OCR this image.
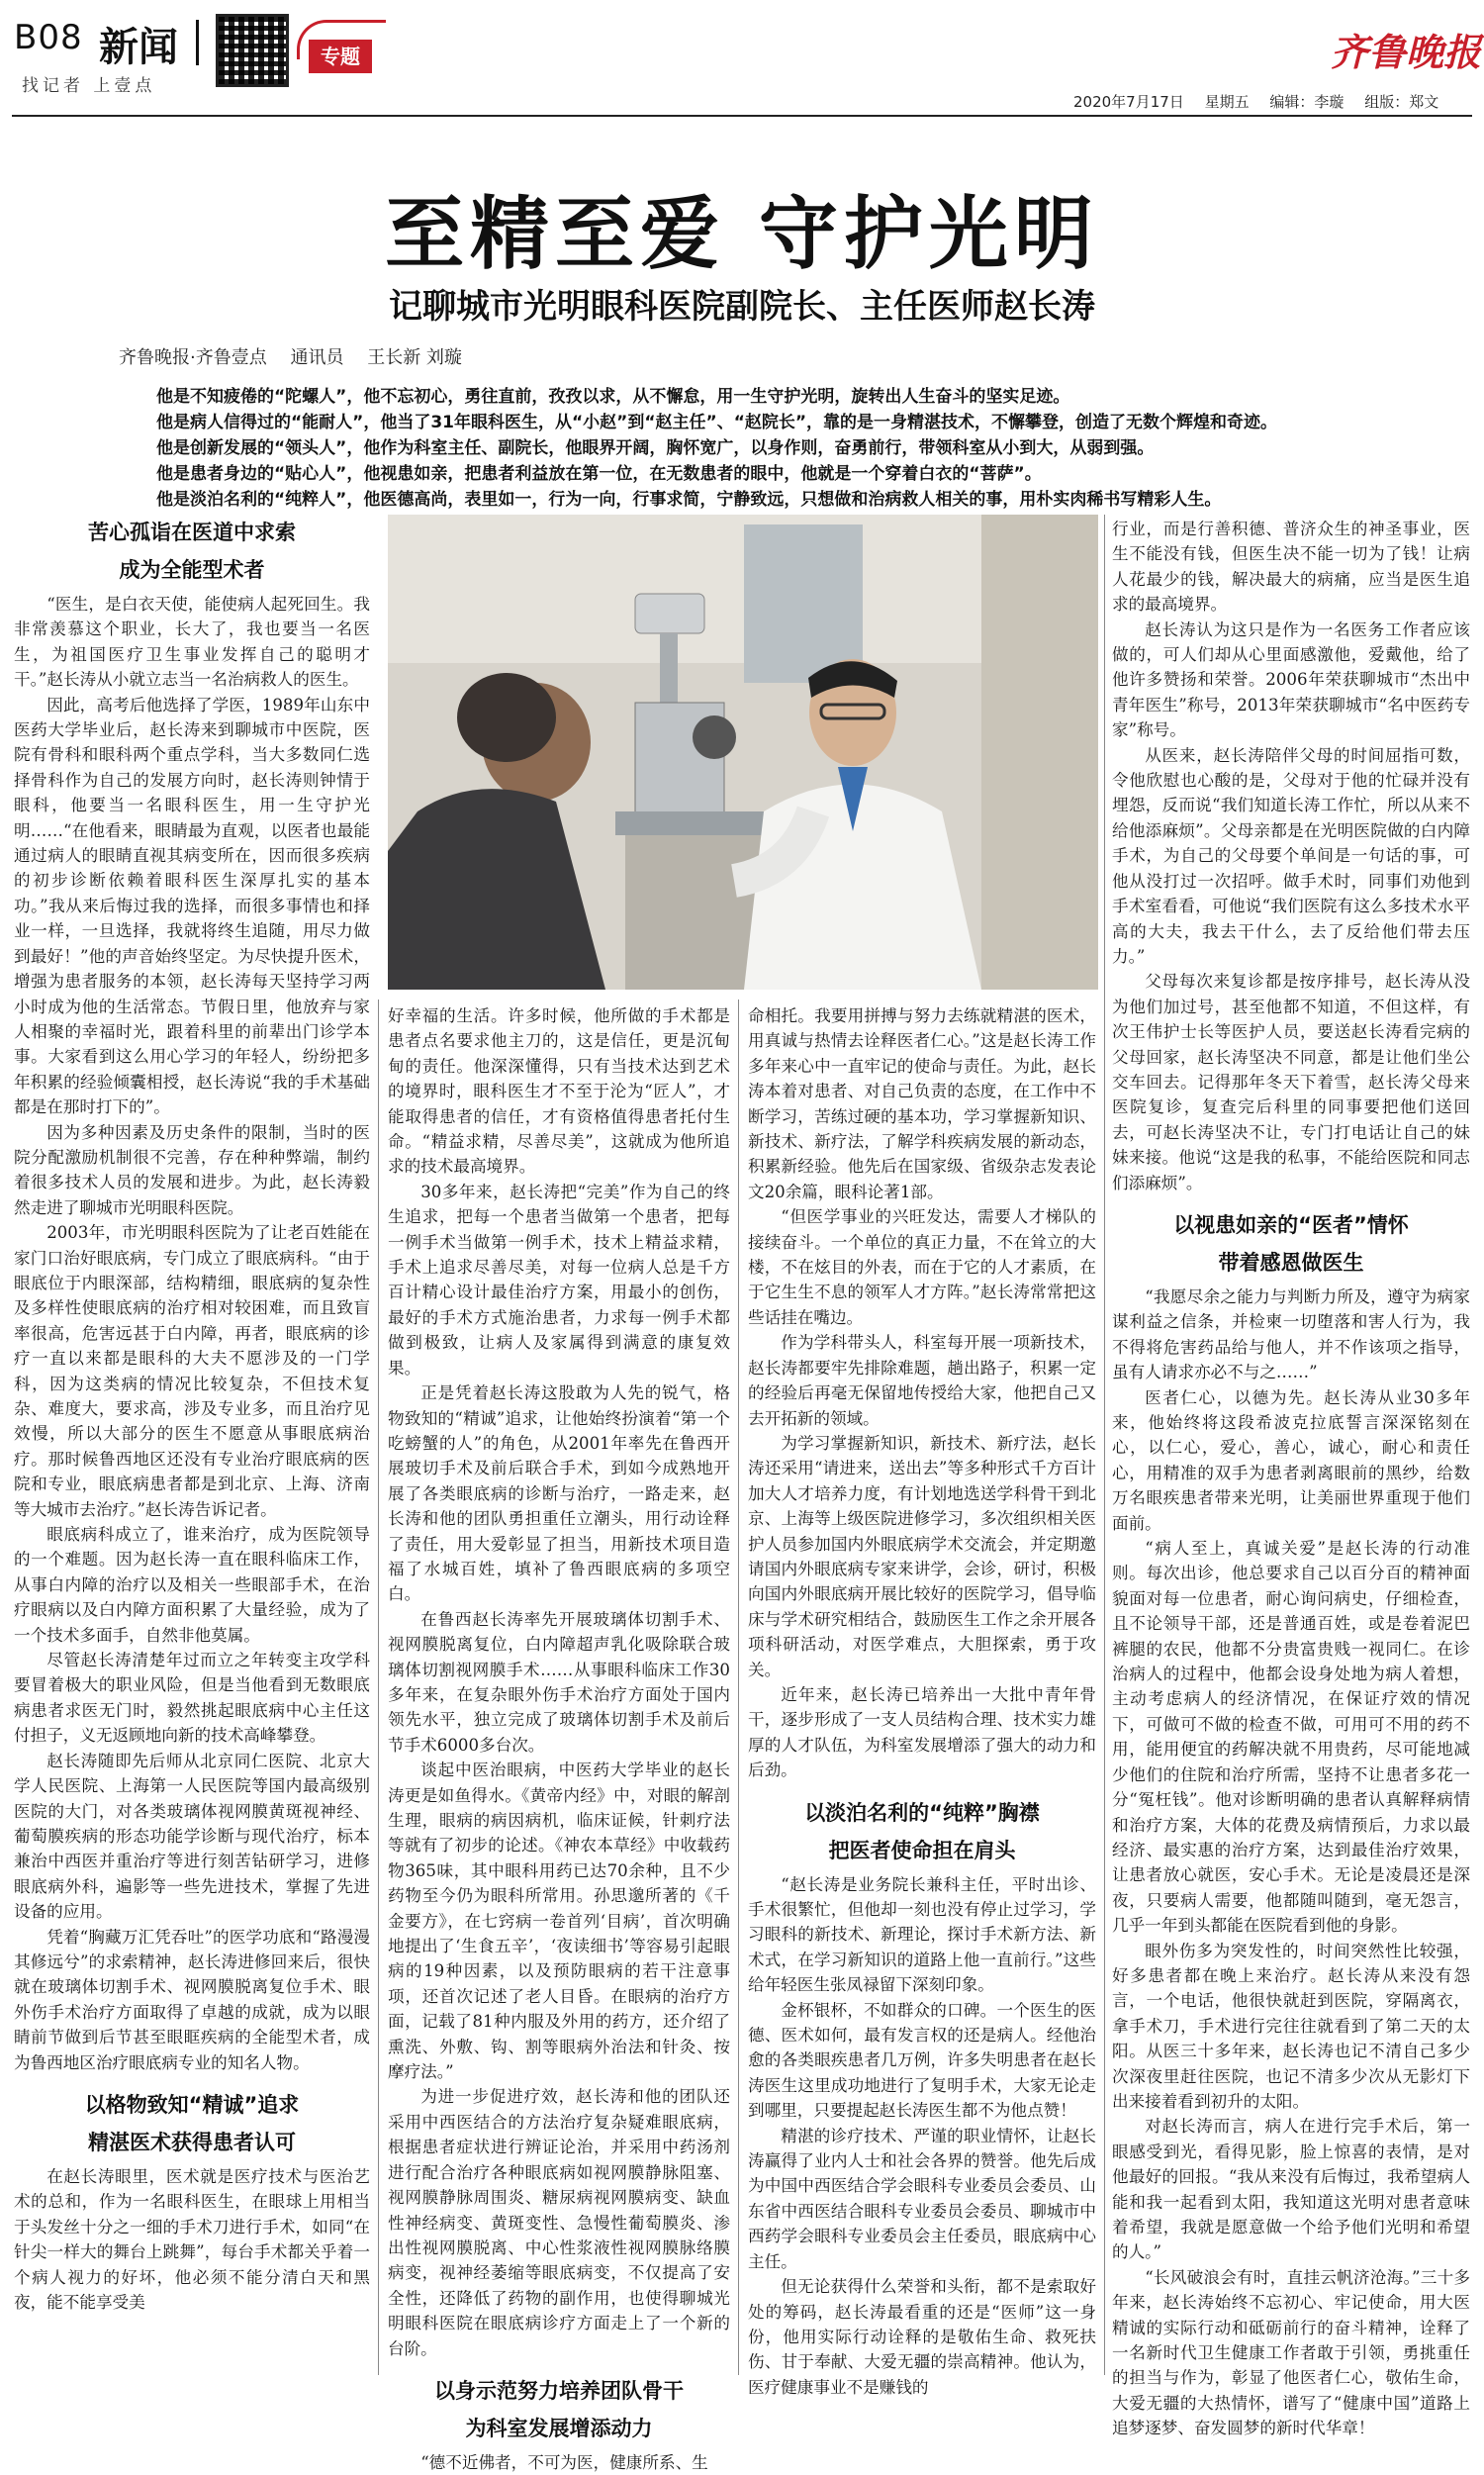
B08 新闻
找记者 上壹点
专题	齐鲁晚报
2020年7月17日 星期五 编辑：李璇 组版：郑文
至精至爱 守护光明
记聊城市光明眼科医院副院长、主任医师赵长涛
齐鲁晚报·齐鲁壹点 通讯员 王长新 刘璇
他是不知疲倦的“陀螺人”，他不忘初心，勇往直前，孜孜以求，从不懈怠，用一生守护光明，旋转出人生奋斗的坚实足迹。
他是病人信得过的“能耐人”，他当了31年眼科医生，从“小赵”到“赵主任”、“赵院长”，靠的是一身精湛技术，不懈攀登，创造了无数个辉煌和奇迹。
他是创新发展的“领头人”，他作为科室主任、副院长，他眼界开阔，胸怀宽广，以身作则，奋勇前行，带领科室从小到大，从弱到强。
他是患者身边的“贴心人”，他视患如亲，把患者利益放在第一位，在无数患者的眼中，他就是一个穿着白衣的“菩萨”。
他是淡泊名利的“纯粹人”，他医德高尚，表里如一，行为一向，行事求简，宁静致远，只想做和治病救人相关的事，用朴实肉稀书写精彩人生。
苦心孤诣在医道中求索
成为全能型术者

“医生，是白衣天使，能使病人起死回生。我非常羡慕这个职业，长大了，我也要当一名医生，为祖国医疗卫生事业发挥自己的聪明才干。”赵长涛从小就立志当一名治病救人的医生。

因此，高考后他选择了学医，1989年山东中医药大学毕业后，赵长涛来到聊城市中医院，医院有骨科和眼科两个重点学科，当大多数同仁选择骨科作为自己的发展方向时，赵长涛则钟情于眼科，他要当一名眼科医生，用一生守护光明……“在他看来，眼睛最为直观，以医者也最能通过病人的眼睛直视其病变所在，因而很多疾病的初步诊断依赖着眼科医生深厚扎实的基本功。”我从来后悔过我的选择，而很多事情也和择业一样，一旦选择，我就将终生追随，用尽力做到最好！”他的声音始终坚定。为尽快提升医术，增强为患者服务的本领，赵长涛每天坚持学习两小时成为他的生活常态。节假日里，他放弃与家人相聚的幸福时光，跟着科里的前辈出门诊学本事。大家看到这么用心学习的年轻人，纷纷把多年积累的经验倾囊相授，赵长涛说“我的手术基础都是在那时打下的”。

因为多种因素及历史条件的限制，当时的医院分配激励机制很不完善，存在种种弊端，制约着很多技术人员的发展和进步。为此，赵长涛毅然走进了聊城市光明眼科医院。

2003年，市光明眼科医院为了让老百姓能在家门口治好眼底病，专门成立了眼底病科。“由于眼底位于内眼深部，结构精细，眼底病的复杂性及多样性使眼底病的治疗相对较困难，而且致盲率很高，危害远甚于白内障，再者，眼底病的诊疗一直以来都是眼科的大夫不愿涉及的一门学科，因为这类病的情况比较复杂，不但技术复杂、难度大，要求高，涉及专业多，而且治疗见效慢，所以大部分的医生不愿意从事眼底病治疗。那时候鲁西地区还没有专业治疗眼底病的医院和专业，眼底病患者都是到北京、上海、济南等大城市去治疗。”赵长涛告诉记者。

眼底病科成立了，谁来治疗，成为医院领导的一个难题。因为赵长涛一直在眼科临床工作，从事白内障的治疗以及相关一些眼部手术，在治疗眼病以及白内障方面积累了大量经验，成为了一个技术多面手，自然非他莫属。

尽管赵长涛清楚年过而立之年转变主攻学科要冒着极大的职业风险，但是当他看到无数眼底病患者求医无门时，毅然挑起眼底病中心主任这付担子，义无返顾地向新的技术高峰攀登。

赵长涛随即先后师从北京同仁医院、北京大学人民医院、上海第一人民医院等国内最高级别医院的大门，对各类玻璃体视网膜黄斑视神经、葡萄膜疾病的形态功能学诊断与现代治疗，标本兼治中西医并重治疗等进行刻苦钻研学习，进修眼底病外科，遍影等一些先进技术，掌握了先进设备的应用。

凭着“胸藏万汇凭吞吐”的医学功底和“路漫漫其修远兮”的求索精神，赵长涛进修回来后，很快就在玻璃体切割手术、视网膜脱离复位手术、眼外伤手术治疗方面取得了卓越的成就，成为以眼睛前节做到后节甚至眼眶疾病的全能型术者，成为鲁西地区治疗眼底病专业的知名人物。

以格物致知“精诚”追求
精湛医术获得患者认可

在赵长涛眼里，医术就是医疗技术与医治艺术的总和，作为一名眼科医生，在眼球上用相当于头发丝十分之一细的手术刀进行手术，如同“在针尖一样大的舞台上跳舞”，每台手术都关乎着一个病人视力的好坏，他必须不能分清白天和黑夜，能不能享受美

好幸福的生活。许多时候，他所做的手术都是患者点名要求他主刀的，这是信任，更是沉甸甸的责任。他深深懂得，只有当技术达到艺术的境界时，眼科医生才不至于沦为“匠人”，才能取得患者的信任，才有资格值得患者托付生命。“精益求精，尽善尽美”，这就成为他所追求的技术最高境界。

30多年来，赵长涛把“完美”作为自己的终生追求，把每一个患者当做第一个患者，把每一例手术当做第一例手术，技术上精益求精，手术上追求尽善尽美，对每一位病人总是千方百计精心设计最佳治疗方案，用最小的创伤，最好的手术方式施治患者，力求每一例手术都做到极致，让病人及家属得到满意的康复效果。

正是凭着赵长涛这股敢为人先的锐气，格物致知的“精诚”追求，让他始终扮演着“第一个吃螃蟹的人”的角色，从2001年率先在鲁西开展玻切手术及前后联合手术，到如今成熟地开展了各类眼底病的诊断与治疗，一路走来，赵长涛和他的团队勇担重任立潮头，用行动诠释了责任，用大爱彰显了担当，用新技术项目造福了水城百姓，填补了鲁西眼底病的多项空白。

在鲁西赵长涛率先开展玻璃体切割手术、视网膜脱离复位，白内障超声乳化吸除联合玻璃体切割视网膜手术……从事眼科临床工作30多年来，在复杂眼外伤手术治疗方面处于国内领先水平，独立完成了玻璃体切割手术及前后节手术6000多台次。

谈起中医治眼病，中医药大学毕业的赵长涛更是如鱼得水。《黄帝内经》中，对眼的解剖生理，眼病的病因病机，临床证候，针刺疗法等就有了初步的论述。《神农本草经》中收载药物365味，其中眼科用药已达70余种，且不少药物至今仍为眼科所常用。孙思邈所著的《千金要方》，在七窍病一卷首列‘目病’，首次明确地提出了‘生食五辛’，‘夜读细书’等容易引起眼病的19种因素，以及预防眼病的若干注意事项，还首次记述了老人目昏。在眼病的治疗方面，记载了81种内服及外用的药方，还介绍了熏洗、外敷、钩、割等眼病外治法和针灸、按摩疗法。”

为进一步促进疗效，赵长涛和他的团队还采用中西医结合的方法治疗复杂疑难眼底病，根据患者症状进行辨证论治，并采用中药汤剂进行配合治疗各种眼底病如视网膜静脉阻塞、视网膜静脉周围炎、糖尿病视网膜病变、缺血性神经病变、黄斑变性、急慢性葡萄膜炎、渗出性视网膜脱离、中心性浆液性视网膜脉络膜病变，视神经萎缩等眼底病变，不仅提高了安全性，还降低了药物的副作用，也使得聊城光明眼科医院在眼底病诊疗方面走上了一个新的台阶。

以身示范努力培养团队骨干
为科室发展增添动力

“德不近佛者，不可为医，健康所系、生

命相托。我要用拼搏与努力去练就精湛的医术，用真诚与热情去诠释医者仁心。”这是赵长涛工作多年来心中一直牢记的使命与责任。为此，赵长涛本着对患者、对自己负责的态度，在工作中不断学习，苦练过硬的基本功，学习掌握新知识、新技术、新疗法，了解学科疾病发展的新动态，积累新经验。他先后在国家级、省级杂志发表论文20余篇，眼科论著1部。

“但医学事业的兴旺发达，需要人才梯队的接续奋斗。一个单位的真正力量，不在耸立的大楼，不在炫目的外表，而在于它的人才素质，在于它生生不息的领军人才方阵。”赵长涛常常把这些话挂在嘴边。

作为学科带头人，科室每开展一项新技术，赵长涛都要牢先排除难题，趟出路子，积累一定的经验后再毫无保留地传授给大家，他把自己又去开拓新的领域。

为学习掌握新知识，新技术、新疗法，赵长涛还采用“请进来，送出去”等多种形式千方百计加大人才培养力度，有计划地选送学科骨干到北京、上海等上级医院进修学习，多次组织相关医护人员参加国内外眼底病学术交流会，并定期邀请国内外眼底病专家来讲学，会诊，研讨，积极向国内外眼底病开展比较好的医院学习，倡导临床与学术研究相结合，鼓励医生工作之余开展各项科研活动，对医学难点，大胆探索，勇于攻关。

近年来，赵长涛已培养出一大批中青年骨干，逐步形成了一支人员结构合理、技术实力雄厚的人才队伍，为科室发展增添了强大的动力和后劲。

以淡泊名利的“纯粹”胸襟
把医者使命担在肩头

“赵长涛是业务院长兼科主任，平时出诊、手术很繁忙，但他却一刻也没有停止过学习，学习眼科的新技术、新理论，探讨手术新方法、新术式，在学习新知识的道路上他一直前行。”这些给年轻医生张凤禄留下深刻印象。

金杯银杯，不如群众的口碑。一个医生的医德、医术如何，最有发言权的还是病人。经他治愈的各类眼疾患者几万例，许多失明患者在赵长涛医生这里成功地进行了复明手术，大家无论走到哪里，只要提起赵长涛医生都不为他点赞！

精湛的诊疗技术、严谨的职业情怀，让赵长涛赢得了业内人士和社会各界的赞誉。他先后成为中国中西医结合学会眼科专业委员会委员、山东省中西医结合眼科专业委员会委员、聊城市中西药学会眼科专业委员会主任委员，眼底病中心主任。

但无论获得什么荣誉和头衔，都不是索取好处的筹码，赵长涛最看重的还是“医师”这一身份，他用实际行动诠释的是敬佑生命、救死扶伤、甘于奉献、大爱无疆的崇高精神。他认为，医疗健康事业不是赚钱的

行业，而是行善积德、普济众生的神圣事业，医生不能没有钱，但医生决不能一切为了钱！让病人花最少的钱，解决最大的病痛，应当是医生追求的最高境界。

赵长涛认为这只是作为一名医务工作者应该做的，可人们却从心里面感激他，爱戴他，给了他许多赞扬和荣誉。2006年荣获聊城市“杰出中青年医生”称号，2013年荣获聊城市“名中医药专家”称号。

从医来，赵长涛陪伴父母的时间屈指可数，令他欣慰也心酸的是，父母对于他的忙碌并没有埋怨，反而说“我们知道长涛工作忙，所以从来不给他添麻烦”。父母亲都是在光明医院做的白内障手术，为自己的父母要个单间是一句话的事，可他从没打过一次招呼。做手术时，同事们劝他到手术室看看，可他说“我们医院有这么多技术水平高的大夫，我去干什么，去了反给他们带去压力。”

父母每次来复诊都是按序排号，赵长涛从没为他们加过号，甚至他都不知道，不但这样，有次王伟护士长等医护人员，要送赵长涛看完病的父母回家，赵长涛坚决不同意，都是让他们坐公交车回去。记得那年冬天下着雪，赵长涛父母来医院复诊，复查完后科里的同事要把他们送回去，可赵长涛坚决不让，专门打电话让自己的妹妹来接。他说“这是我的私事，不能给医院和同志们添麻烦”。

以视患如亲的“医者”情怀
带着感恩做医生

“我愿尽余之能力与判断力所及，遵守为病家谋利益之信条，并检柬一切堕落和害人行为，我不得将危害药品给与他人，并不作该项之指导，虽有人请求亦必不与之……”

医者仁心，以德为先。赵长涛从业30多年来，他始终将这段希波克拉底誓言深深铭刻在心，以仁心，爱心，善心，诚心，耐心和责任心，用精准的双手为患者剥离眼前的黑纱，给数万名眼疾患者带来光明，让美丽世界重现于他们面前。

“病人至上，真诚关爱”是赵长涛的行动准则。每次出诊，他总要求自己以百分百的精神面貌面对每一位患者，耐心询问病史，仔细检查，且不论领导干部，还是普通百姓，或是卷着泥巴裤腿的农民，他都不分贵富贵贱一视同仁。在诊治病人的过程中，他都会设身处地为病人着想，主动考虑病人的经济情况，在保证疗效的情况下，可做可不做的检查不做，可用可不用的药不用，能用便宜的药解决就不用贵药，尽可能地减少他们的住院和治疗所需，坚持不让患者多花一分“冤枉钱”。他对诊断明确的患者认真解释病情和治疗方案，大体的花费及病情预后，力求以最经济、最实惠的治疗方案，达到最佳治疗效果，让患者放心就医，安心手术。无论是凌晨还是深夜，只要病人需要，他都随叫随到，毫无怨言，几乎一年到头都能在医院看到他的身影。

眼外伤多为突发性的，时间突然性比较强，好多患者都在晚上来治疗。赵长涛从来没有怨言，一个电话，他很快就赶到医院，穿隔离衣，拿手术刀，手术进行完往往就看到了第二天的太阳。从医三十多年来，赵长涛也记不清自己多少次深夜里赶往医院，也记不清多少次从无影灯下出来接着看到初升的太阳。

对赵长涛而言，病人在进行完手术后，第一眼感受到光，看得见影，脸上惊喜的表情，是对他最好的回报。“我从来没有后悔过，我希望病人能和我一起看到太阳，我知道这光明对患者意味着希望，我就是愿意做一个给予他们光明和希望的人。”

“长风破浪会有时，直挂云帆济沧海。”三十多年来，赵长涛始终不忘初心、牢记使命，用大医精诚的实际行动和砥砺前行的奋斗精神，诠释了一名新时代卫生健康工作者敢于引领，勇挑重任的担当与作为，彰显了他医者仁心，敬佑生命，大爱无疆的大热情怀，谱写了“健康中国”道路上追梦逐梦、奋发圆梦的新时代华章！
